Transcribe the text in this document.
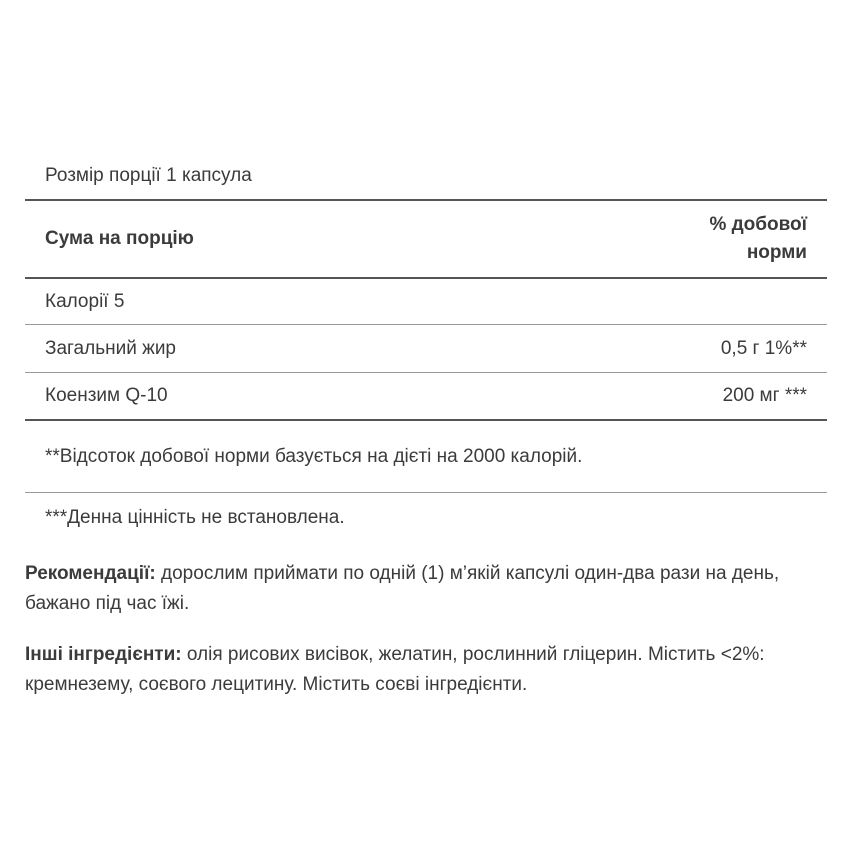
Розмір порції 1 капсула
Сума на порцію
% добової
норми
Калорії 5
Загальний жир	0,5 г 1%**
Коензим Q-10	200 мг ***
**Відсоток добової норми базується на дієті на 2000 калорій.
***Денна цінність не встановлена.
Рекомендації: дорослим приймати по одній (1) м’якій капсулі один-два рази на день, бажано під час їжі.
Інші інгредієнти: олія рисових висівок, желатин, рослинний гліцерин. Містить <2%: кремнезему, соєвого лецитину. Містить соєві інгредієнти.
